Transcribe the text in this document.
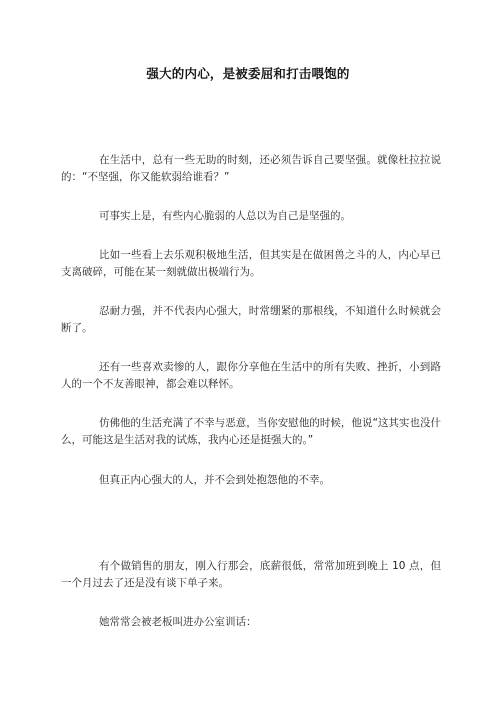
强大的内心，是被委屈和打击喂饱的
在生活中，总有一些无助的时刻，还必须告诉自己要坚强。就像杜拉拉说的：“不坚强，你又能软弱给谁看？”
可事实上是，有些内心脆弱的人总以为自己是坚强的。
比如一些看上去乐观积极地生活，但其实是在做困兽之斗的人，内心早已支离破碎，可能在某一刻就做出极端行为。
忍耐力强，并不代表内心强大，时常绷紧的那根线，不知道什么时候就会断了。
还有一些喜欢卖惨的人，跟你分享他在生活中的所有失败、挫折，小到路人的一个不友善眼神，都会难以释怀。
仿佛他的生活充满了不幸与恶意，当你安慰他的时候，他说“这其实也没什么，可能这是生活对我的试炼，我内心还是挺强大的。”
但真正内心强大的人，并不会到处抱怨他的不幸。
有个做销售的朋友，刚入行那会，底薪很低，常常加班到晚上 10 点，但一个月过去了还是没有谈下单子来。
她常常会被老板叫进办公室训话：
